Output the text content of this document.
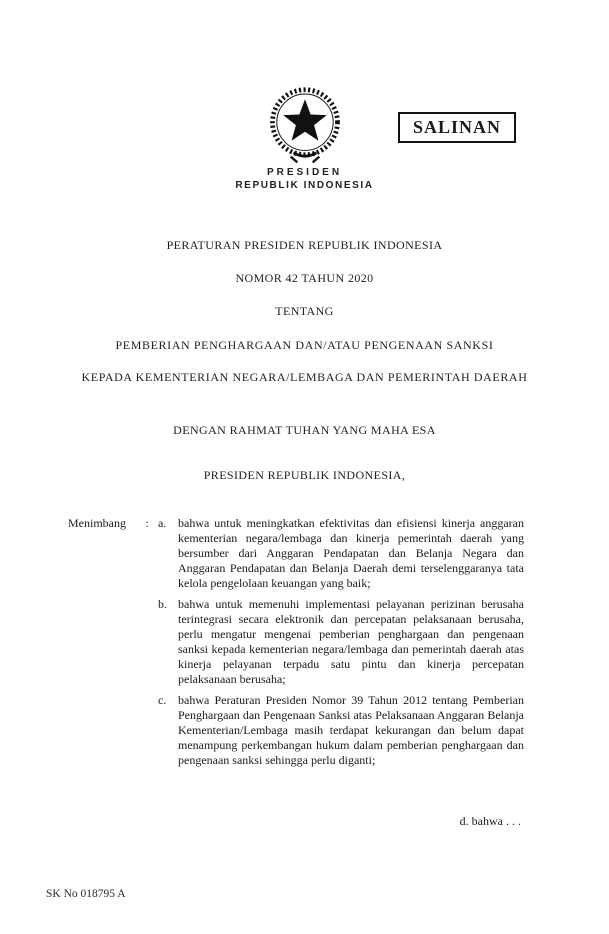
SALINAN
PRESIDEN
REPUBLIK INDONESIA
PERATURAN PRESIDEN REPUBLIK INDONESIA
NOMOR 42 TAHUN 2020
TENTANG
PEMBERIAN PENGHARGAAN DAN/ATAU PENGENAAN SANKSI
KEPADA KEMENTERIAN NEGARA/LEMBAGA DAN PEMERINTAH DAERAH
DENGAN RAHMAT TUHAN YANG MAHA ESA
PRESIDEN REPUBLIK INDONESIA,
Menimbang	: a. bahwa untuk meningkatkan efektivitas dan efisiensi kinerja anggaran kementerian negara/lembaga dan kinerja pemerintah daerah yang bersumber dari Anggaran Pendapatan dan Belanja Negara dan Anggaran Pendapatan dan Belanja Daerah demi terselenggaranya tata kelola pengelolaan keuangan yang baik;
b. bahwa untuk memenuhi implementasi pelayanan perizinan berusaha terintegrasi secara elektronik dan percepatan pelaksanaan berusaha, perlu mengatur mengenai pemberian penghargaan dan pengenaan sanksi kepada kementerian negara/lembaga dan pemerintah daerah atas kinerja pelayanan terpadu satu pintu dan kinerja percepatan pelaksanaan berusaha;
c. bahwa Peraturan Presiden Nomor 39 Tahun 2012 tentang Pemberian Penghargaan dan Pengenaan Sanksi atas Pelaksanaan Anggaran Belanja Kementerian/Lembaga masih terdapat kekurangan dan belum dapat menampung perkembangan hukum dalam pemberian penghargaan dan pengenaan sanksi sehingga perlu diganti;
d. bahwa . . .
SK No 018795 A
